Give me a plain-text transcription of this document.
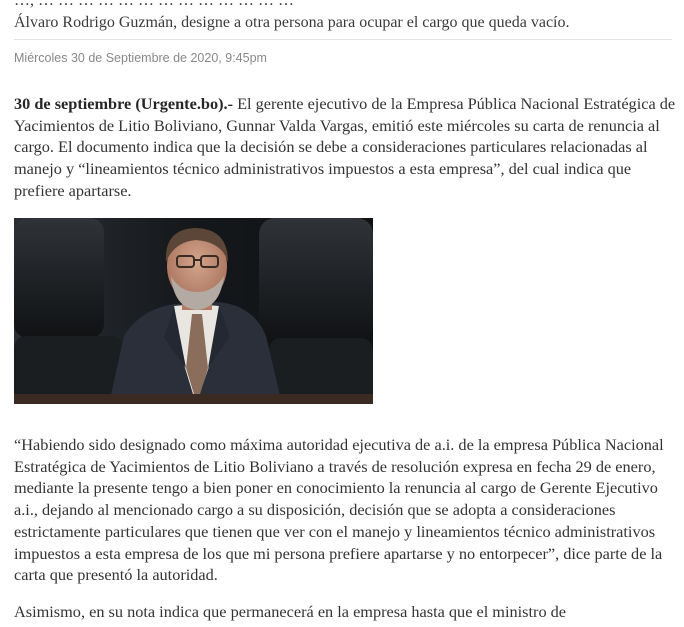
…, … … … … … … … … … … … … …

Álvaro Rodrigo Guzmán, designe a otra persona para ocupar el cargo que queda vacío.

Miércoles 30 de Septiembre de 2020, 9:45pm

30 de septiembre (Urgente.bo).- El gerente ejecutivo de la Empresa Pública Nacional Estratégica de Yacimientos de Litio Boliviano, Gunnar Valda Vargas, emitió este miércoles su carta de renuncia al cargo. El documento indica que la decisión se debe a consideraciones particulares relacionadas al manejo y “lineamientos técnico administrativos impuestos a esta empresa”, del cual indica que prefiere apartarse.

“Habiendo sido designado como máxima autoridad ejecutiva de a.i. de la empresa Pública Nacional Estratégica de Yacimientos de Litio Boliviano a través de resolución expresa en fecha 29 de enero, mediante la presente tengo a bien poner en conocimiento la renuncia al cargo de Gerente Ejecutivo a.i., dejando al mencionado cargo a su disposición, decisión que se adopta a consideraciones estrictamente particulares que tienen que ver con el manejo y lineamientos técnico administrativos impuestos a esta empresa de los que mi persona prefiere apartarse y no entorpecer”, dice parte de la carta que presentó la autoridad.

Asimismo, en su nota indica que permanecerá en la empresa hasta que el ministro de
